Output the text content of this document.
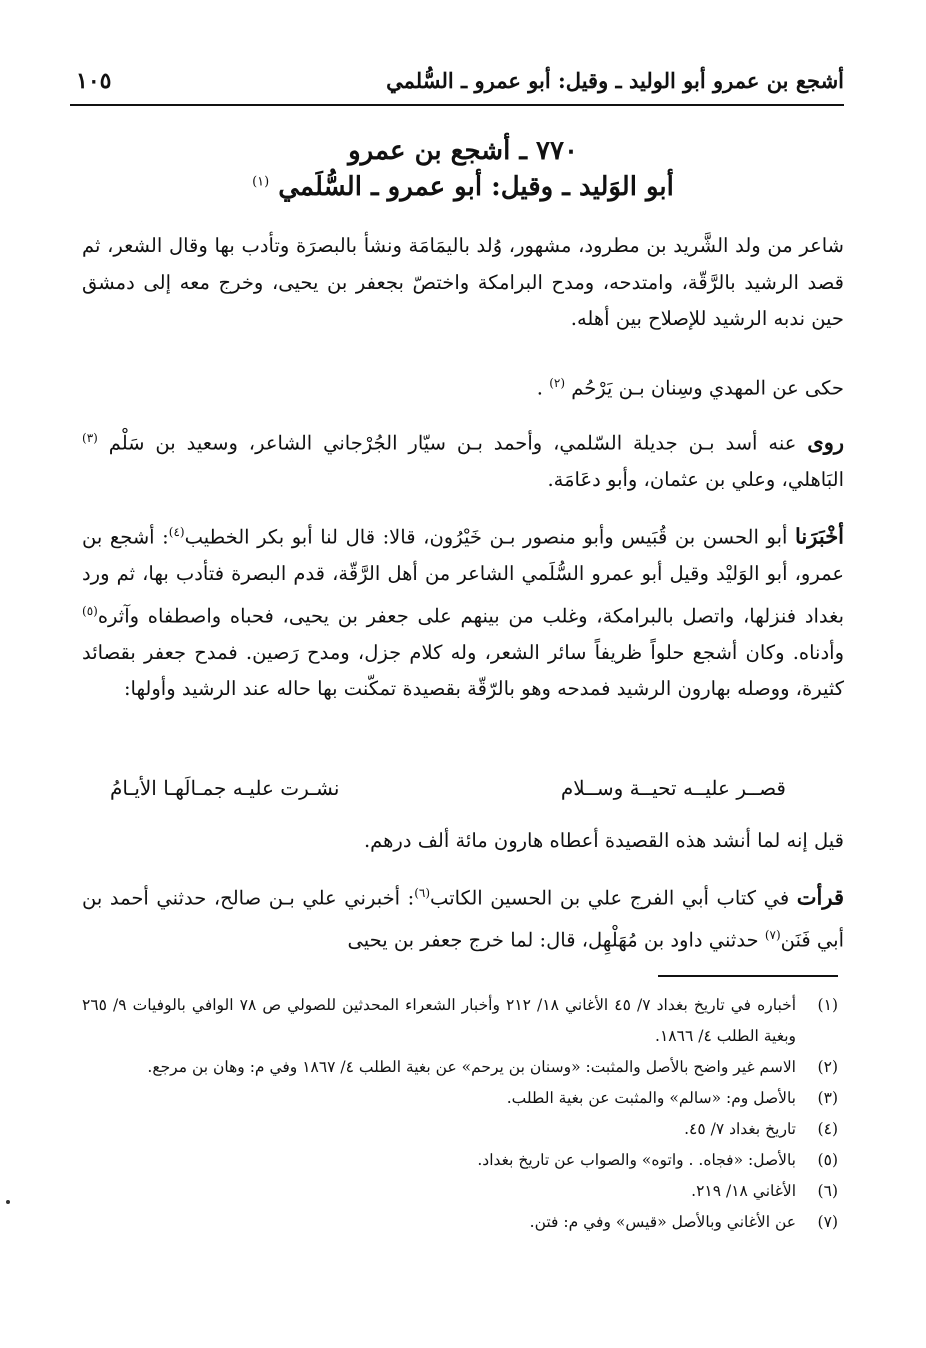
أشجع بن عمرو أبو الوليد ـ وقيل: أبو عمرو ـ السُّلمي
١٠٥
٧٧٠ ـ أشجع بن عمرو
أبو الوَليد ـ وقيل: أبو عمرو ـ السُّلَمي $^{(١)}$
شاعر من ولد الشَّريد بن مطرود، مشهور، وُلد باليمَامَة ونشأ بالبصرَة وتأدب بها وقال الشعر، ثم قصد الرشيد بالرَّقّة، وامتدحه، ومدح البرامكة واختصّ بجعفر بن يحيى، وخرج معه إلى دمشق حين ندبه الرشيد للإصلاح بين أهله.
حكى عن المهدي وسِنان بـن يَرْحُم $^{(٢)}$ .
روى عنه أسد بـن جديلة السّلمي، وأحمد بـن سيّار الجُرْجاني الشاعر، وسعيد بن سَلْم $^{(٣)}$ البَاهلي، وعلي بن عثمان، وأبو دعَامَة.
أخْبَرَنا أبو الحسن بن قُبَيس وأبو منصور بـن خَيْرُون، قالا: قال لنا أبو بكر الخطيب$^{(٤)}$: أشجع بن عمرو، أبو الوَليْد وقيل أبو عمرو السُّلَمي الشاعر من أهل الرَّقّة، قدم البصرة فتأدب بها، ثم ورد بغداد فنزلها، واتصل بالبرامكة، وغلب من بينهم على جعفر بن يحيى، فحباه واصطفاه وآثره$^{(٥)}$ وأدناه. وكان أشجع حلواً ظريفاً سائر الشعر، وله كلام جزل، ومدح رَصين. فمدح جعفر بقصائد كثيرة، ووصله بهارون الرشيد فمدحه وهو بالرّقّة بقصيدة تمكّنت بها حاله عند الرشيد وأولها:
قصــر عليــه تحيــة وســلام
نشـرت عليـه جمـالَهـا الأيـامُ
قيل إنه لما أنشد هذه القصيدة أعطاه هارون مائة ألف درهم.
قرأت في كتاب أبي الفرج علي بن الحسين الكاتب$^{(٦)}$: أخبرني علي بـن صالح، حدثني أحمد بن أبي فَنَن$^{(٧)}$ حدثني داود بن مُهَلْهِل، قال: لما خرج جعفر بن يحيى
(١)
أخباره في تاريخ بغداد ٧/ ٤٥ الأغاني ١٨/ ٢١٢ وأخبار الشعراء المحدثين للصولي ص ٧٨ الوافي بالوفيات ٩/ ٢٦٥ وبغية الطلب ٤/ ١٨٦٦.
(٢)
الاسم غير واضح بالأصل والمثبت: «وسنان بن يرحم» عن بغية الطلب ٤/ ١٨٦٧ وفي م: وهان بن مرجع.
(٣)
بالأصل وم: «سالم» والمثبت عن بغية الطلب.
(٤)
تاريخ بغداد ٧/ ٤٥.
(٥)
بالأصل: «فجاه. . واتوه» والصواب عن تاريخ بغداد.
(٦)
الأغاني ١٨/ ٢١٩.
(٧)
عن الأغاني وبالأصل «قيس» وفي م: فتن.
